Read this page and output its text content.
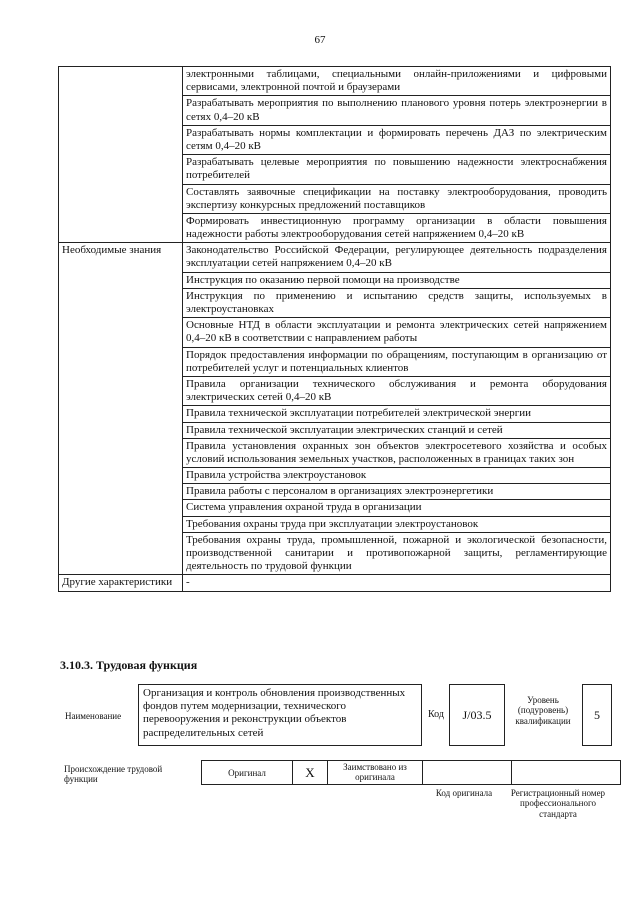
67
	электронными таблицами, специальными онлайн-приложениями и цифровыми сервисами, электронной почтой и браузерами
	Разрабатывать мероприятия по выполнению планового уровня потерь электроэнергии в сетях 0,4–20 кВ
	Разрабатывать нормы комплектации и формировать перечень ДАЗ по электрическим сетям 0,4–20 кВ
	Разрабатывать целевые мероприятия по повышению надежности электроснабжения потребителей
	Составлять заявочные спецификации на поставку электрооборудования, проводить экспертизу конкурсных предложений поставщиков
	Формировать инвестиционную программу организации в области повышения надежности работы электрооборудования сетей напряжением 0,4–20 кВ
Необходимые знания	Законодательство Российской Федерации, регулирующее деятельность подразделения эксплуатации сетей напряжением 0,4–20 кВ
	Инструкция по оказанию первой помощи на производстве
	Инструкция по применению и испытанию средств защиты, используемых в электроустановках
	Основные НТД в области эксплуатации и ремонта электрических сетей напряжением 0,4–20 кВ в соответствии с направлением работы
	Порядок предоставления информации по обращениям, поступающим в организацию от потребителей услуг и потенциальных клиентов
	Правила организации технического обслуживания и ремонта оборудования электрических сетей 0,4–20 кВ
	Правила технической эксплуатации потребителей электрической энергии
	Правила технической эксплуатации электрических станций и сетей
	Правила установления охранных зон объектов электросетевого хозяйства и особых условий использования земельных участков, расположенных в границах таких зон
	Правила устройства электроустановок
	Правила работы с персоналом в организациях электроэнергетики
	Система управления охраной труда в организации
	Требования охраны труда при эксплуатации электроустановок
	Требования охраны труда, промышленной, пожарной и экологической безопасности, производственной санитарии и противопожарной защиты, регламентирующие деятельность по трудовой функции
Другие характеристики	-
3.10.3. Трудовая функция
Наименование
Организация и контроль обновления производственных фондов путем модернизации, технического перевооружения и реконструкции объектов распределительных сетей
Код	J/03.5
Уровень (подуровень) квалификации	5
Происхождение трудовой функции
Оригинал	X	Заимствовано из оригинала		
Код оригинала	Регистрационный номер профессионального стандарта
